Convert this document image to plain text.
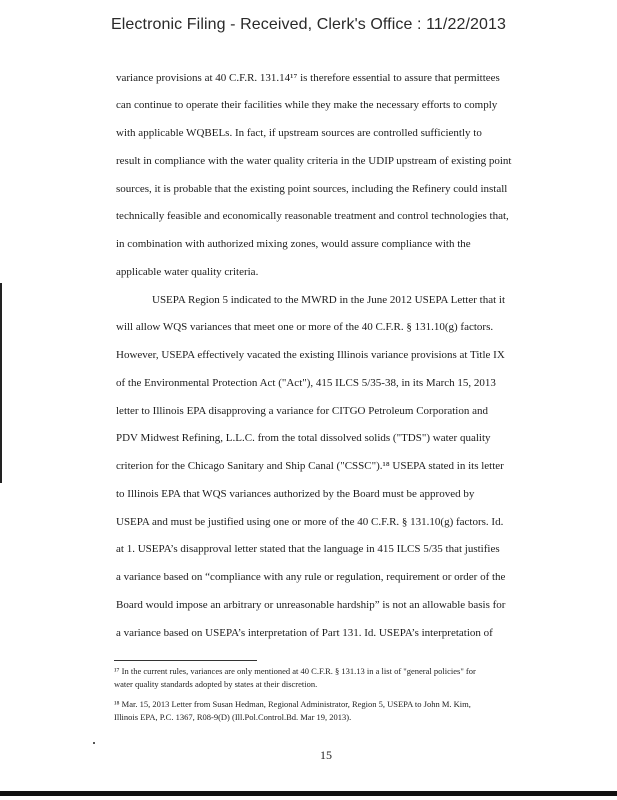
Electronic Filing - Received, Clerk's Office : 11/22/2013
variance provisions at 40 C.F.R. 131.14¹⁷ is therefore essential to assure that permittees
can continue to operate their facilities while they make the necessary efforts to comply
with applicable WQBELs. In fact, if upstream sources are controlled sufficiently to
result in compliance with the water quality criteria in the UDIP upstream of existing point
sources, it is probable that the existing point sources, including the Refinery could install
technically feasible and economically reasonable treatment and control technologies that,
in combination with authorized mixing zones, would assure compliance with the
applicable water quality criteria.
USEPA Region 5 indicated to the MWRD in the June 2012 USEPA Letter that it
will allow WQS variances that meet one or more of the 40 C.F.R. § 131.10(g) factors.
However, USEPA effectively vacated the existing Illinois variance provisions at Title IX
of the Environmental Protection Act ("Act"), 415 ILCS 5/35-38, in its March 15, 2013
letter to Illinois EPA disapproving a variance for CITGO Petroleum Corporation and
PDV Midwest Refining, L.L.C. from the total dissolved solids ("TDS") water quality
criterion for the Chicago Sanitary and Ship Canal ("CSSC").¹⁸ USEPA stated in its letter
to Illinois EPA that WQS variances authorized by the Board must be approved by
USEPA and must be justified using one or more of the 40 C.F.R. § 131.10(g) factors. Id.
at 1. USEPA’s disapproval letter stated that the language in 415 ILCS 5/35 that justifies
a variance based on “compliance with any rule or regulation, requirement or order of the
Board would impose an arbitrary or unreasonable hardship” is not an allowable basis for
a variance based on USEPA’s interpretation of Part 131. Id. USEPA’s interpretation of
¹⁷ In the current rules, variances are only mentioned at 40 C.F.R. § 131.13 in a list of "general policies" for
water quality standards adopted by states at their discretion.
¹⁸ Mar. 15, 2013 Letter from Susan Hedman, Regional Administrator, Region 5, USEPA to John M. Kim,
Illinois EPA, P.C. 1367, R08-9(D) (Ill.Pol.Control.Bd. Mar 19, 2013).
15
